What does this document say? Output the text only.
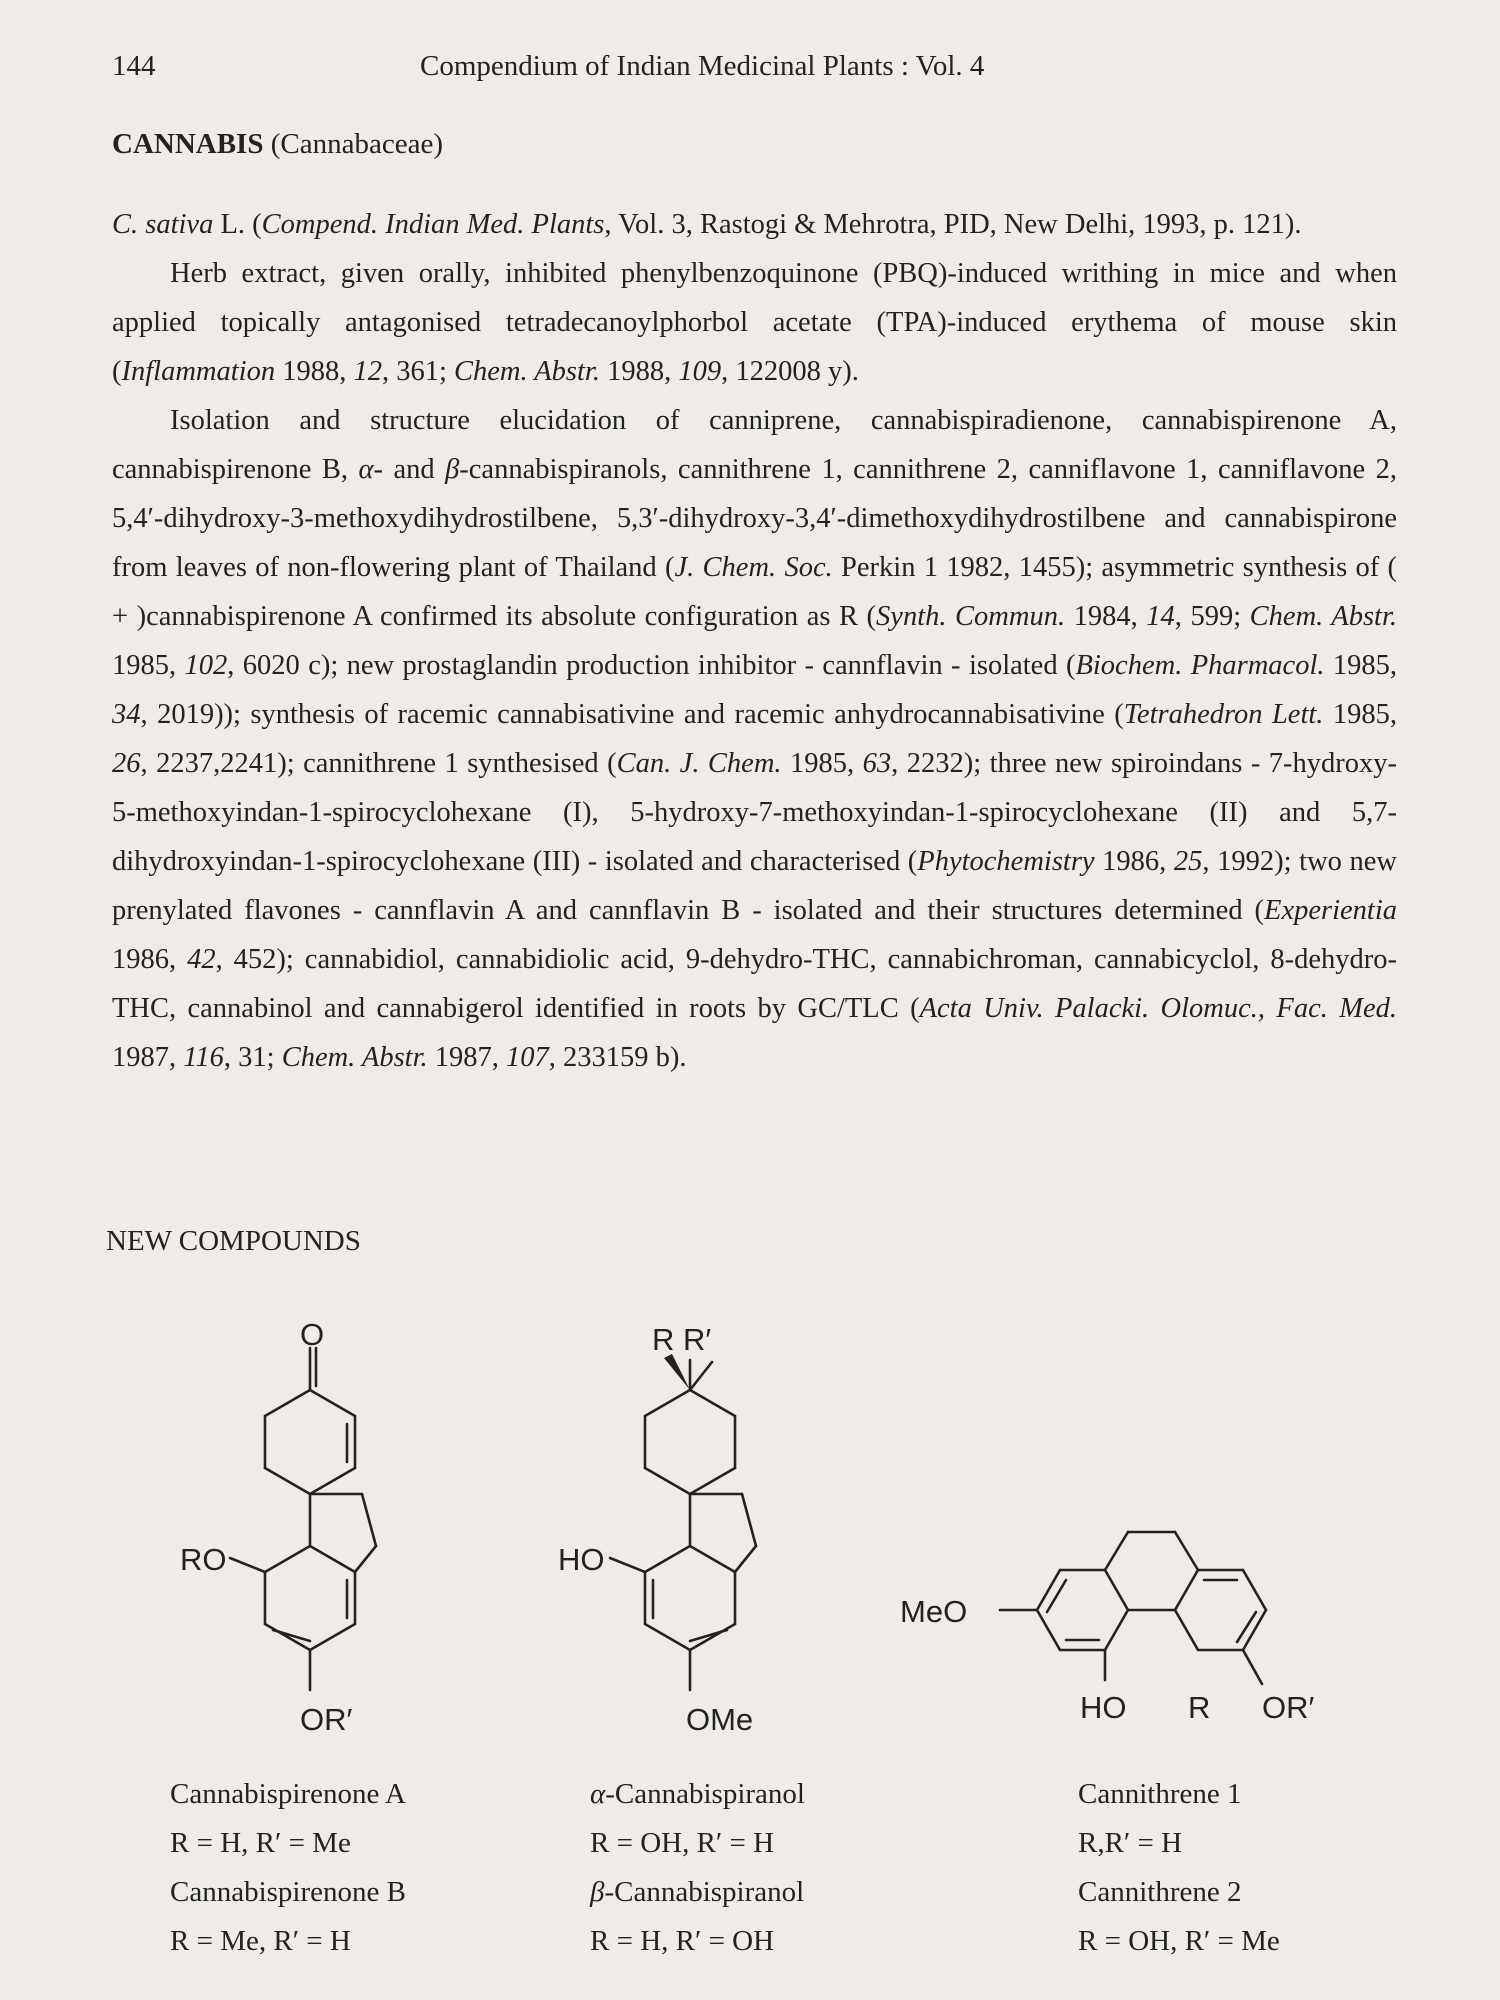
144	Compendium of Indian Medicinal Plants : Vol. 4
CANNABIS (Cannabaceae)

C. sativa L. (Compend. Indian Med. Plants, Vol. 3, Rastogi & Mehrotra, PID, New Delhi, 1993, p. 121).

Herb extract, given orally, inhibited phenylbenzoquinone (PBQ)-induced writhing in mice and when applied topically antagonised tetradecanoylphorbol acetate (TPA)-induced erythema of mouse skin (Inflammation 1988, 12, 361; Chem. Abstr. 1988, 109, 122008 y).

Isolation and structure elucidation of canniprene, cannabispiradienone, cannabispirenone A, cannabispirenone B, α- and β-cannabispiranols, cannithrene 1, cannithrene 2, canniflavone 1, canniflavone 2, 5,4′-dihydroxy-3-methoxydihydrostilbene, 5,3′-dihydroxy-3,4′-dimethoxydihydrostilbene and cannabispirone from leaves of non-flowering plant of Thailand (J. Chem. Soc. Perkin 1 1982, 1455); asymmetric synthesis of ( + )cannabispirenone A confirmed its absolute configuration as R (Synth. Commun. 1984, 14, 599; Chem. Abstr. 1985, 102, 6020 c); new prostaglandin production inhibitor - cannflavin - isolated (Biochem. Pharmacol. 1985, 34, 2019)); synthesis of racemic cannabisativine and racemic anhydrocannabisativine (Tetrahedron Lett. 1985, 26, 2237,2241); cannithrene 1 synthesised (Can. J. Chem. 1985, 63, 2232); three new spiroindans - 7-hydroxy-5-methoxyindan-1-spirocyclohexane (I), 5-hydroxy-7-methoxyindan-1-spirocyclohexane (II) and 5,7-dihydroxyindan-1-spirocyclohexane (III) - isolated and characterised (Phytochemistry 1986, 25, 1992); two new prenylated flavones - cannflavin A and cannflavin B - isolated and their structures determined (Experientia 1986, 42, 452); cannabidiol, cannabidiolic acid, 9-dehydro-THC, cannabichroman, cannabicyclol, 8-dehydro-THC, cannabinol and cannabigerol identified in roots by GC/TLC (Acta Univ. Palacki. Olomuc., Fac. Med. 1987, 116, 31; Chem. Abstr. 1987, 107, 233159 b).

NEW COMPOUNDS
O
RO
OR′
R R′
HO
OMe
MeO
HO R OR′
Cannabispirenone A
R = H, R′ = Me
Cannabispirenone B
R = Me, R′ = H
α-Cannabispiranol
R = OH, R′ = H
β-Cannabispiranol
R = H, R′ = OH
Cannithrene 1
R,R′ = H
Cannithrene 2
R = OH, R′ = Me
